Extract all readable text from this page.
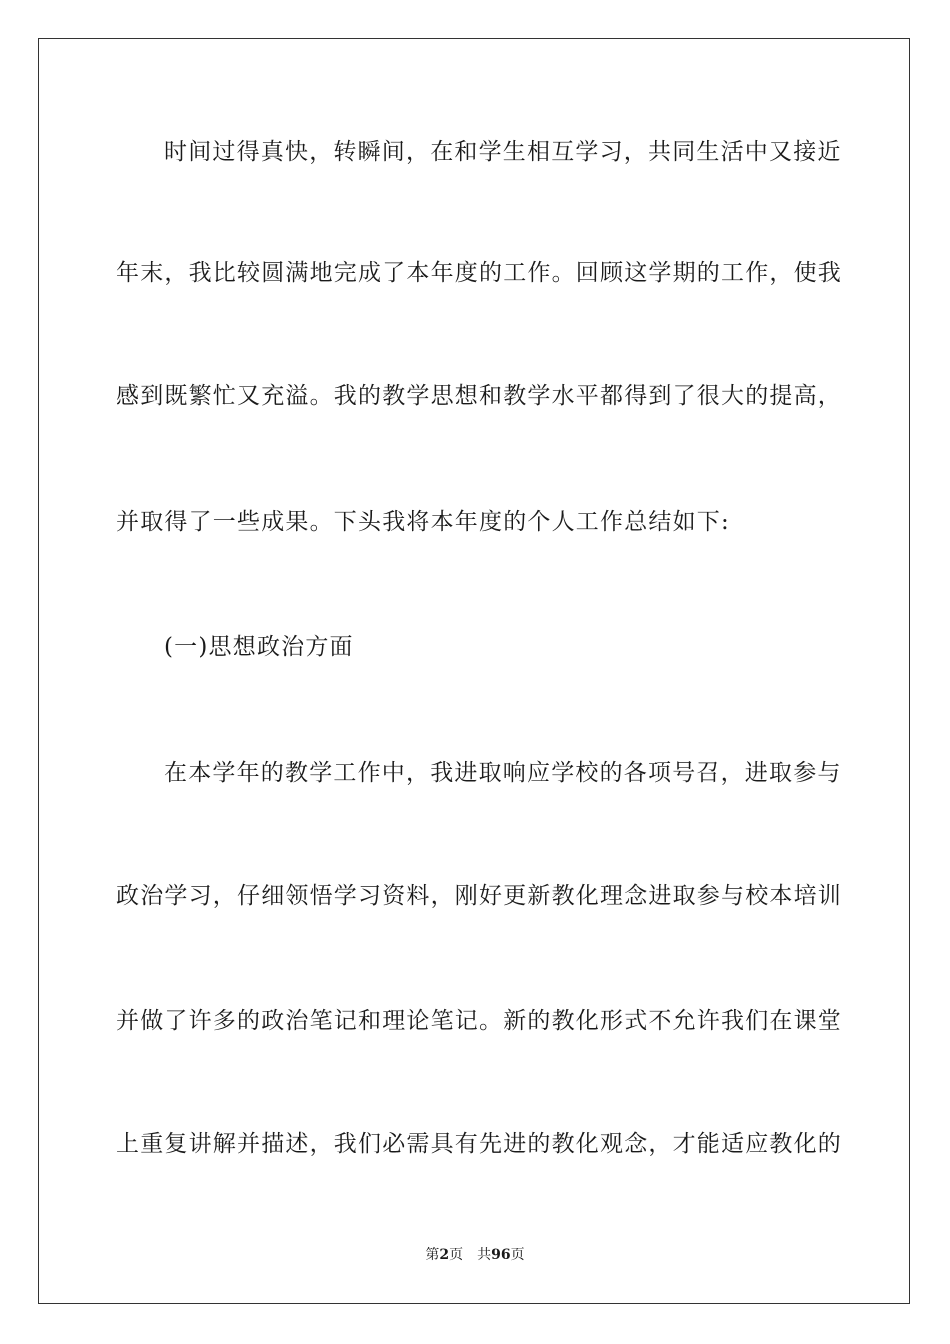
时间过得真快，转瞬间，在和学生相互学习，共同生活中又接近
年末，我比较圆满地完成了本年度的工作。回顾这学期的工作，使我
感到既繁忙又充溢。我的教学思想和教学水平都得到了很大的提高，
并取得了一些成果。下头我将本年度的个人工作总结如下:
(一)思想政治方面
在本学年的教学工作中，我进取响应学校的各项号召，进取参与
政治学习，仔细领悟学习资料，刚好更新教化理念进取参与校本培训
并做了许多的政治笔记和理论笔记。新的教化形式不允许我们在课堂
上重复讲解并描述，我们必需具有先进的教化观念，才能适应教化的
第2页 共96页
